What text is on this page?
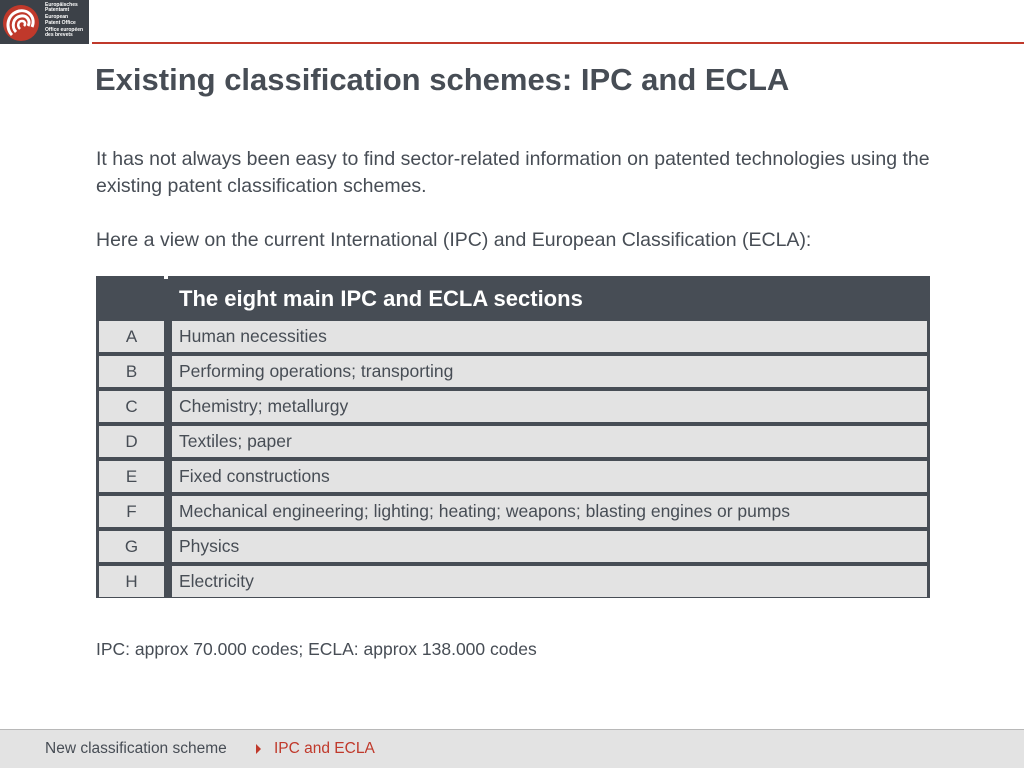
Europäisches
Patentamt
European
Patent Office
Office européen
des brevets
Existing classification schemes: IPC and ECLA
It has not always been easy to find sector-related information on patented technologies using the existing patent classification schemes.
Here a view on the current International (IPC) and European Classification (ECLA):
The eight main IPC and ECLA sections
A	Human necessities
B	Performing operations; transporting
C	Chemistry; metallurgy
D	Textiles; paper
E	Fixed constructions
F	Mechanical engineering; lighting; heating; weapons; blasting engines or pumps
G	Physics
H	Electricity
IPC: approx 70.000 codes; ECLA: approx 138.000 codes
New classification scheme	IPC and ECLA
